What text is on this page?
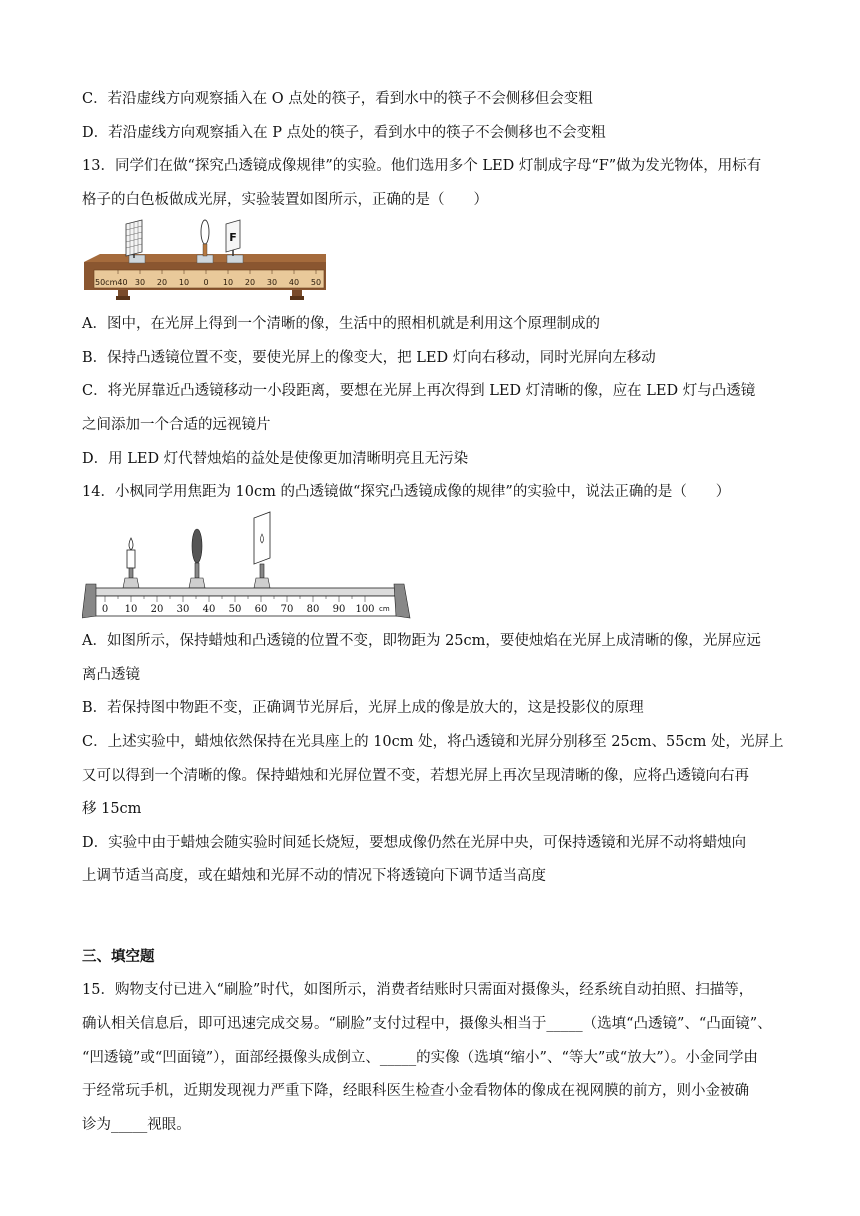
C．若沿虚线方向观察插入在 O 点处的筷子，看到水中的筷子不会侧移但会变粗
D．若沿虚线方向观察插入在 P 点处的筷子，看到水中的筷子不会侧移也不会变粗
13．同学们在做“探究凸透镜成像规律”的实验。他们选用多个 LED 灯制成字母“F”做为发光物体，用标有
格子的白色板做成光屏，实验装置如图所示，正确的是（　　）
50cm40 30 20 10 0 10 20 30 40 50
F
A．图中，在光屏上得到一个清晰的像，生活中的照相机就是利用这个原理制成的
B．保持凸透镜位置不变，要使光屏上的像变大，把 LED 灯向右移动，同时光屏向左移动
C．将光屏靠近凸透镜移动一小段距离，要想在光屏上再次得到 LED 灯清晰的像，应在 LED 灯与凸透镜
之间添加一个合适的远视镜片
D．用 LED 灯代替烛焰的益处是使像更加清晰明亮且无污染
14．小枫同学用焦距为 10cm 的凸透镜做“探究凸透镜成像的规律”的实验中，说法正确的是（　　）
0 10 20 30 40 50 60 70 80 90 100 cm
A．如图所示，保持蜡烛和凸透镜的位置不变，即物距为 25cm，要使烛焰在光屏上成清晰的像，光屏应远
离凸透镜
B．若保持图中物距不变，正确调节光屏后，光屏上成的像是放大的，这是投影仪的原理
C．上述实验中，蜡烛依然保持在光具座上的 10cm 处，将凸透镜和光屏分别移至 25cm、55cm 处，光屏上
又可以得到一个清晰的像。保持蜡烛和光屏位置不变，若想光屏上再次呈现清晰的像，应将凸透镜向右再
移 15cm
D．实验中由于蜡烛会随实验时间延长烧短，要想成像仍然在光屏中央，可保持透镜和光屏不动将蜡烛向
上调节适当高度，或在蜡烛和光屏不动的情况下将透镜向下调节适当高度
三、填空题
15．购物支付已进入“刷脸”时代，如图所示，消费者结账时只需面对摄像头，经系统自动拍照、扫描等，
确认相关信息后，即可迅速完成交易。“刷脸”支付过程中，摄像头相当于_____（选填“凸透镜”、“凸面镜”、
“凹透镜”或“凹面镜”），面部经摄像头成倒立、_____的实像（选填“缩小”、“等大”或“放大”）。小金同学由
于经常玩手机，近期发现视力严重下降，经眼科医生检查小金看物体的像成在视网膜的前方，则小金被确
诊为_____视眼。
